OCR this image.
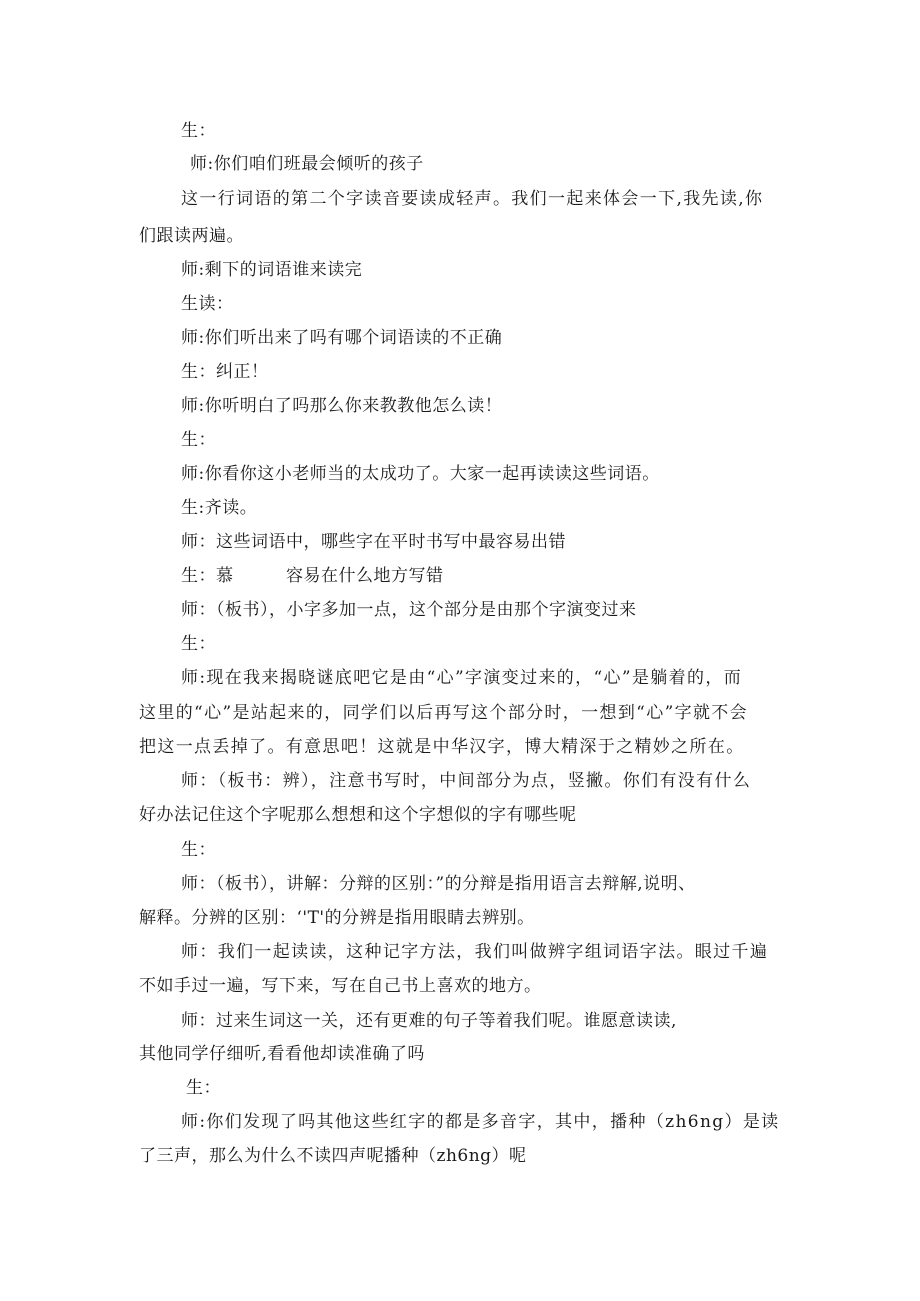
生：
师:你们咱们班最会倾听的孩子
这一行词语的第二个字读音要读成轻声。我们一起来体会一下,我先读,你
们跟读两遍。
师:剩下的词语谁来读完
生读：
师:你们听出来了吗有哪个词语读的不正确
生：纠正！
师:你听明白了吗那么你来教教他怎么读！
生：
师:你看你这小老师当的太成功了。大家一起再读读这些词语。
生:齐读。
师：这些词语中，哪些字在平时书写中最容易出错
生：慕　　　容易在什么地方写错
师：（板书），小字多加一点，这个部分是由那个字演变过来
生：
师:现在我来揭晓谜底吧它是由“心”字演变过来的，“心”是躺着的，而
这里的“心”是站起来的，同学们以后再写这个部分时，一想到“心”字就不会
把这一点丢掉了。有意思吧！这就是中华汉字，博大精深于之精妙之所在。
师：（板书：辨），注意书写时，中间部分为点，竖撇。你们有没有什么
好办法记住这个字呢那么想想和这个字想似的字有哪些呢
生：
师：（板书），讲解：分辩的区别：”的分辩是指用语言去辩解,说明、
解释。分辨的区别：‘'T'的分辨是指用眼睛去辨别。
师：我们一起读读，这种记字方法，我们叫做辨字组词语字法。眼过千遍
不如手过一遍，写下来，写在自己书上喜欢的地方。
师：过来生词这一关，还有更难的句子等着我们呢。谁愿意读读,
其他同学仔细听,看看他却读准确了吗
生：
师:你们发现了吗其他这些红字的都是多音字，其中，播种（zh6ng）是读
了三声，那么为什么不读四声呢播种（zh6ng）呢
